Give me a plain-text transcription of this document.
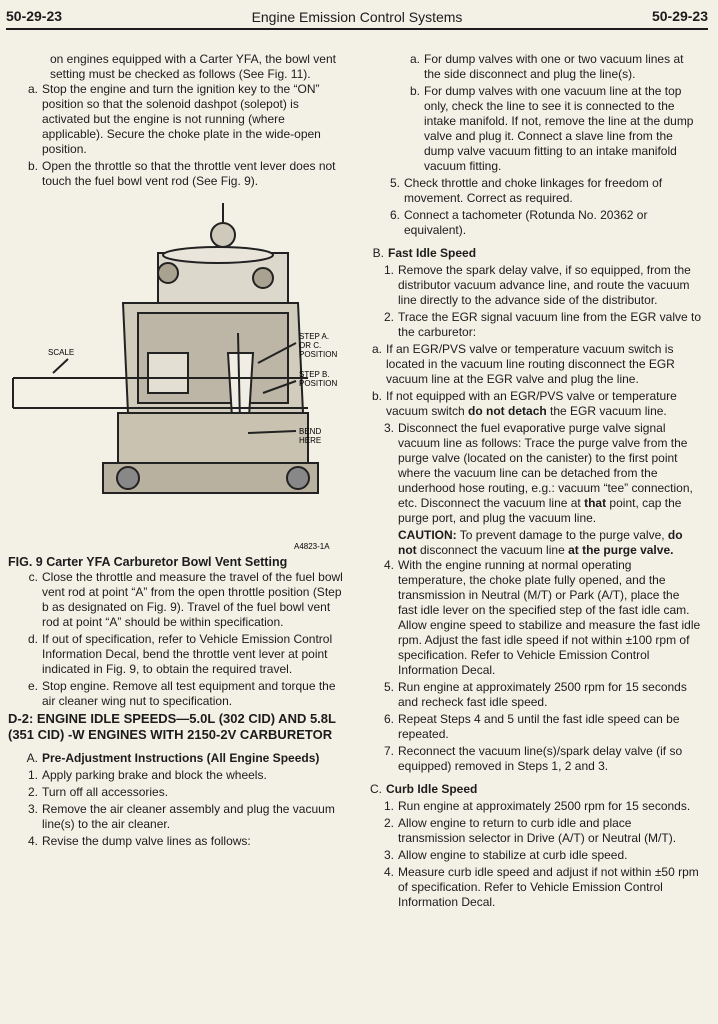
50-29-23	Engine Emission Control Systems	50-29-23

on engines equipped with a Carter YFA, the bowl vent setting must be checked as follows (See Fig. 11).

a. Stop the engine and turn the ignition key to the “ON” position so that the solenoid dashpot (solepot) is activated but the engine is not running (where applicable). Secure the choke plate in the wide-open position.
b. Open the throttle so that the throttle vent lever does not touch the fuel bowl vent rod (See Fig. 9).
STEP A.
OR C.
POSITION
STEP B.
POSITION
SCALE
BEND
HERE
A4823-1A

FIG. 9 Carter YFA Carburetor Bowl Vent Setting

c. Close the throttle and measure the travel of the fuel bowl vent rod at point “A” from the open throttle position (Step b as designated on Fig. 9). Travel of the fuel bowl vent rod at point “A” should be within specification.
d. If out of specification, refer to Vehicle Emission Control Information Decal, bend the throttle vent lever at point indicated in Fig. 9, to obtain the required travel.
e. Stop engine. Remove all test equipment and torque the air cleaner wing nut to specification.

D-2: ENGINE IDLE SPEEDS—5.0L (302 CID) AND 5.8L (351 CID) -W ENGINES WITH 2150-2V CARBURETOR

A. Pre-Adjustment Instructions (All Engine Speeds)
1. Apply parking brake and block the wheels.
2. Turn off all accessories.
3. Remove the air cleaner assembly and plug the vacuum line(s) to the air cleaner.
4. Revise the dump valve lines as follows:
a. For dump valves with one or two vacuum lines at the side disconnect and plug the line(s).
b. For dump valves with one vacuum line at the top only, check the line to see it is connected to the intake manifold. If not, remove the line at the dump valve and plug it. Connect a slave line from the dump valve vacuum fitting to an intake manifold vacuum fitting.
5. Check throttle and choke linkages for freedom of movement. Correct as required.
6. Connect a tachometer (Rotunda No. 20362 or equivalent).
B. Fast Idle Speed
1. Remove the spark delay valve, if so equipped, from the distributor vacuum advance line, and route the vacuum line directly to the advance side of the distributor.
2. Trace the EGR signal vacuum line from the EGR valve to the carburetor:
a. If an EGR/PVS valve or temperature vacuum switch is located in the vacuum line routing disconnect the EGR vacuum line at the EGR valve and plug the line.
b. If not equipped with an EGR/PVS valve or temperature vacuum switch do not detach the EGR vacuum line.
3. Disconnect the fuel evaporative purge valve signal vacuum line as follows: Trace the purge valve from the purge valve (located on the canister) to the first point where the vacuum line can be detached from the underhood hose routing, e.g.: vacuum “tee” connection, etc. Disconnect the vacuum line at that point, cap the purge port, and plug the vacuum line.

CAUTION: To prevent damage to the purge valve, do not disconnect the vacuum line at the purge valve.

4. With the engine running at normal operating temperature, the choke plate fully opened, and the transmission in Neutral (M/T) or Park (A/T), place the fast idle lever on the specified step of the fast idle cam. Allow engine speed to stabilize and measure the fast idle rpm. Adjust the fast idle speed if not within ±100 rpm of specification. Refer to Vehicle Emission Control Information Decal.
5. Run engine at approximately 2500 rpm for 15 seconds and recheck fast idle speed.
6. Repeat Steps 4 and 5 until the fast idle speed can be repeated.
7. Reconnect the vacuum line(s)/spark delay valve (if so equipped) removed in Steps 1, 2 and 3.
C. Curb Idle Speed
1. Run engine at approximately 2500 rpm for 15 seconds.
2. Allow engine to return to curb idle and place transmission selector in Drive (A/T) or Neutral (M/T).
3. Allow engine to stabilize at curb idle speed.
4. Measure curb idle speed and adjust if not within ±50 rpm of specification. Refer to Vehicle Emission Control Information Decal.
